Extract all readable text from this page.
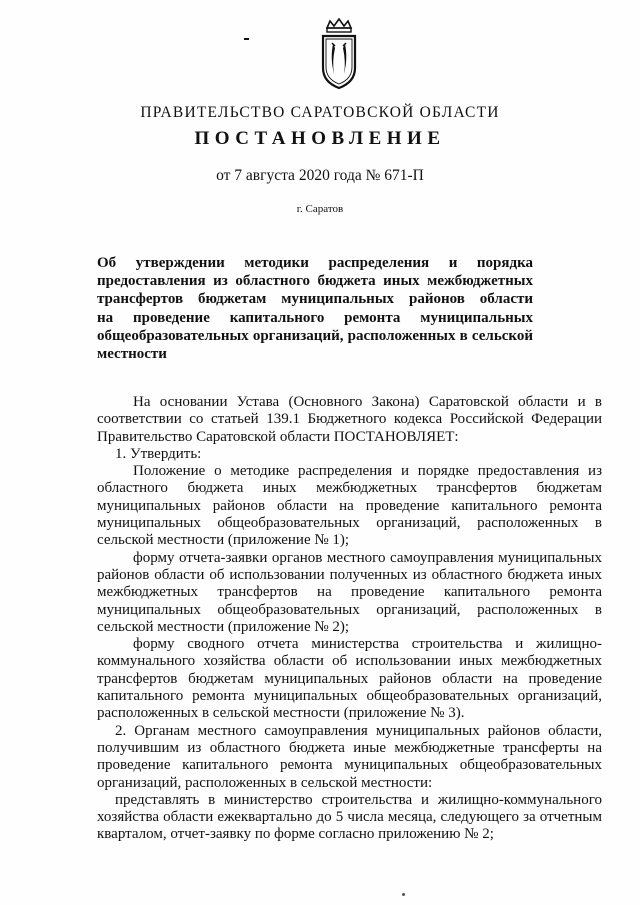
ПРАВИТЕЛЬСТВО САРАТОВСКОЙ ОБЛАСТИ
ПОСТАНОВЛЕНИЕ
от 7 августа 2020 года № 671-П
г. Саратов
Об утверждении методики распределения и порядка
предоставления из областного бюджета иных межбюджетных
трансфертов бюджетам муниципальных районов области
на проведение капитального ремонта муниципальных
общеобразовательных организаций, расположенных в сельской
местности

На основании Устава (Основного Закона) Саратовской области и в соответствии со статьей 139.1 Бюджетного кодекса Российской Федерации Правительство Саратовской области ПОСТАНОВЛЯЕТ:

1. Утвердить:

Положение о методике распределения и порядке предоставления из областного бюджета иных межбюджетных трансфертов бюджетам муниципальных районов области на проведение капитального ремонта муниципальных общеобразовательных организаций, расположенных в сельской местности (приложение № 1);

форму отчета-заявки органов местного самоуправления муниципальных районов области об использовании полученных из областного бюджета иных межбюджетных трансфертов на проведение капитального ремонта муниципальных общеобразовательных организаций, расположенных в сельской местности (приложение № 2);

форму сводного отчета министерства строительства и жилищно-коммунального хозяйства области об использовании иных межбюджетных трансфертов бюджетам муниципальных районов области на проведение капитального ремонта муниципальных общеобразовательных организаций, расположенных в сельской местности (приложение № 3).

2. Органам местного самоуправления муниципальных районов области, получившим из областного бюджета иные межбюджетные трансферты на проведение капитального ремонта муниципальных общеобразовательных организаций, расположенных в сельской местности:

представлять в министерство строительства и жилищно-коммунального хозяйства области ежеквартально до 5 числа месяца, следующего за отчетным кварталом, отчет-заявку по форме согласно приложению № 2;
